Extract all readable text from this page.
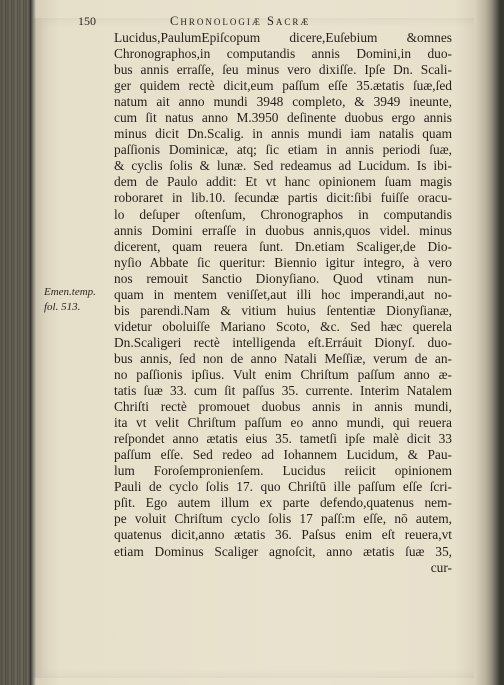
150	Chronologiæ Sacræ
Emen.temp.
fol. 513.
Lucidus,PaulumEpiſcopum dicere,Euſebium &omnes
Chronographos,in computandis annis Domini,in duo-
bus annis erraſſe, ſeu minus vero dixiſſe. Ipſe Dn. Scali-
ger quidem rectè dicit,eum paſſum eſſe 35.ætatis ſuæ,ſed
natum ait anno mundi 3948 completo, & 3949 ineunte,
cum ſit natus anno M.3950 deſinente duobus ergo annis
minus dicit Dn.Scalig. in annis mundi iam natalis quam
paſſionis Dominicæ, atq; ſic etiam in annis periodi ſuæ,
& cyclis ſolis & lunæ. Sed redeamus ad Lucidum. Is ibi-
dem de Paulo addit: Et vt hanc opinionem ſuam magis
roboraret in lib.10. ſecundæ partis dicit:ſibi fuiſſe oracu-
lo deſuper oſtenſum, Chronographos in computandis
annis Domini erraſſe in duobus annis,quos videl. minus
dicerent, quam reuera ſunt. Dn.etiam Scaliger,de Dio-
nyſio Abbate ſic queritur: Biennio igitur integro, à vero
nos remouit Sanctio Dionyſiano. Quod vtinam nun-
quam in mentem veniſſet,aut illi hoc imperandi,aut no-
bis parendi.Nam & vitium huius ſententiæ Dionyſianæ,
videtur oboluiſſe Mariano Scoto, &c. Sed hæc querela
Dn.Scaligeri rectè intelligenda eſt.Erráuit Dionyſ. duo-
bus annis, ſed non de anno Natali Meſſiæ, verum de an-
no paſſionis ipſius. Vult enim Chriſtum paſſum anno æ-
tatis ſuæ 33. cum ſit paſſus 35. currente. Interim Natalem
Chriſti rectè promouet duobus annis in annis mundi,
ita vt velit Chriſtum paſſum eo anno mundi, qui reuera
reſpondet anno ætatis eius 35. tametſi ipſe malè dicit 33
paſſum eſſe. Sed redeo ad Iohannem Lucidum, & Pau-
lum Foroſempronienſem. Lucidus reiicit opinionem
Pauli de cyclo ſolis 17. quo Chriſtū ille paſſum eſſe ſcri-
pſit. Ego autem illum ex parte defendo,quatenus nem-
pe voluit Chriſtum cyclo ſolis 17 paſſ:m eſſe, nō autem,
quatenus dicit,anno ætatis 36. Paſsus enim eſt reuera,vt
etiam Dominus Scaliger agnoſcit, anno ætatis ſuæ 35,
cur-
